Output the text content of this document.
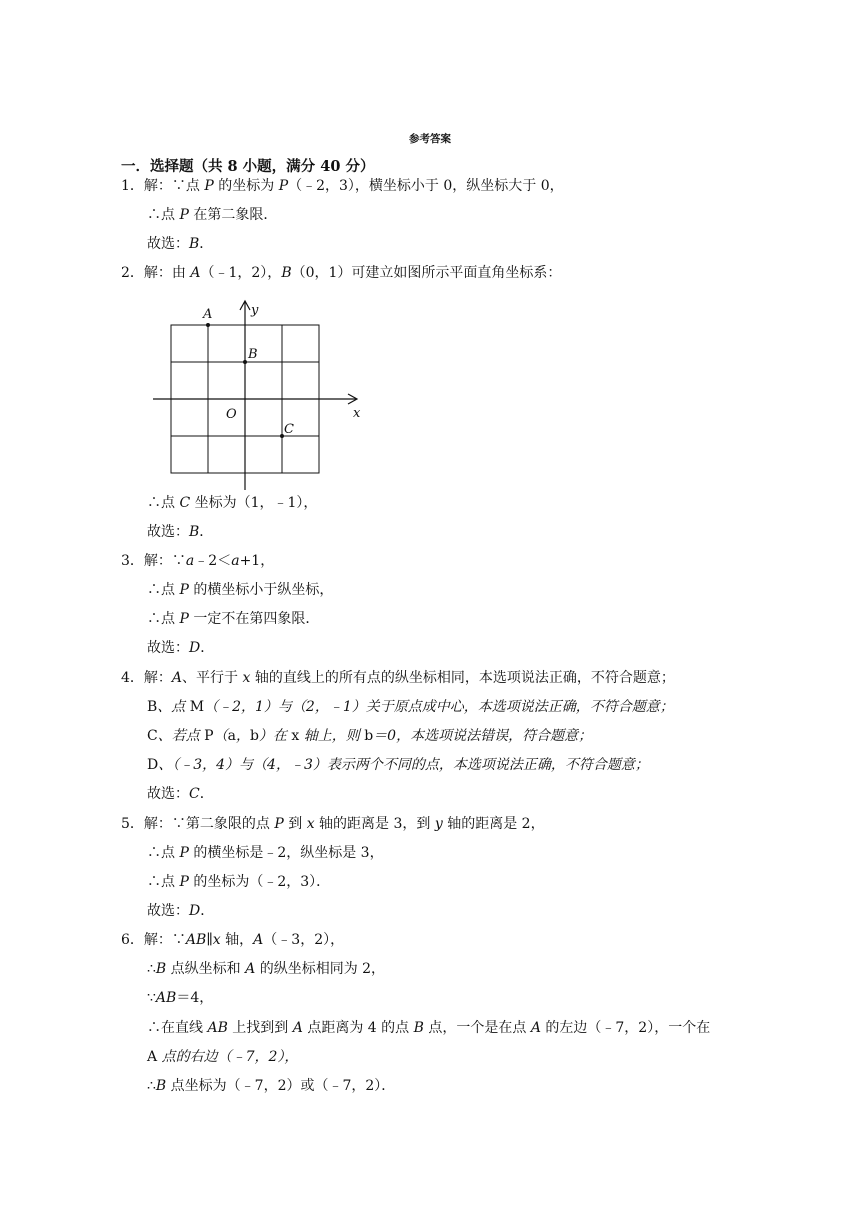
参考答案
一．选择题（共 8 小题，满分 40 分）
1．解：∵点 P 的坐标为 P（﹣2，3），横坐标小于 0，纵坐标大于 0，
∴点 P 在第二象限．
故选：B．
2．解：由 A（﹣1，2），B（0，1）可建立如图所示平面直角坐标系：
∴点 C 坐标为（1，﹣1），
故选：B．
3．解：∵a﹣2＜a+1，
∴点 P 的横坐标小于纵坐标，
∴点 P 一定不在第四象限．
故选：D．
4．解：A、平行于 x 轴的直线上的所有点的纵坐标相同，本选项说法正确，不符合题意；
B、点 M（﹣2，1）与（2，﹣1）关于原点成中心，本选项说法正确，不符合题意；
C、若点 P（a，b）在 x 轴上，则 b＝0，本选项说法错误，符合题意；
D、（﹣3，4）与（4，﹣3）表示两个不同的点，本选项说法正确，不符合题意；
故选：C．
5．解：∵第二象限的点 P 到 x 轴的距离是 3，到 y 轴的距离是 2，
∴点 P 的横坐标是﹣2，纵坐标是 3，
∴点 P 的坐标为（﹣2，3）．
故选：D．
6．解：∵AB∥x 轴，A（﹣3，2），
∴B 点纵坐标和 A 的纵坐标相同为 2，
∵AB＝4，
∴在直线 AB 上找到到 A 点距离为 4 的点 B 点，一个是在点 A 的左边（﹣7，2），一个在
A 点的右边（﹣7，2），
∴B 点坐标为（﹣7，2）或（﹣7，2）．
A	y
B
O
C
x
